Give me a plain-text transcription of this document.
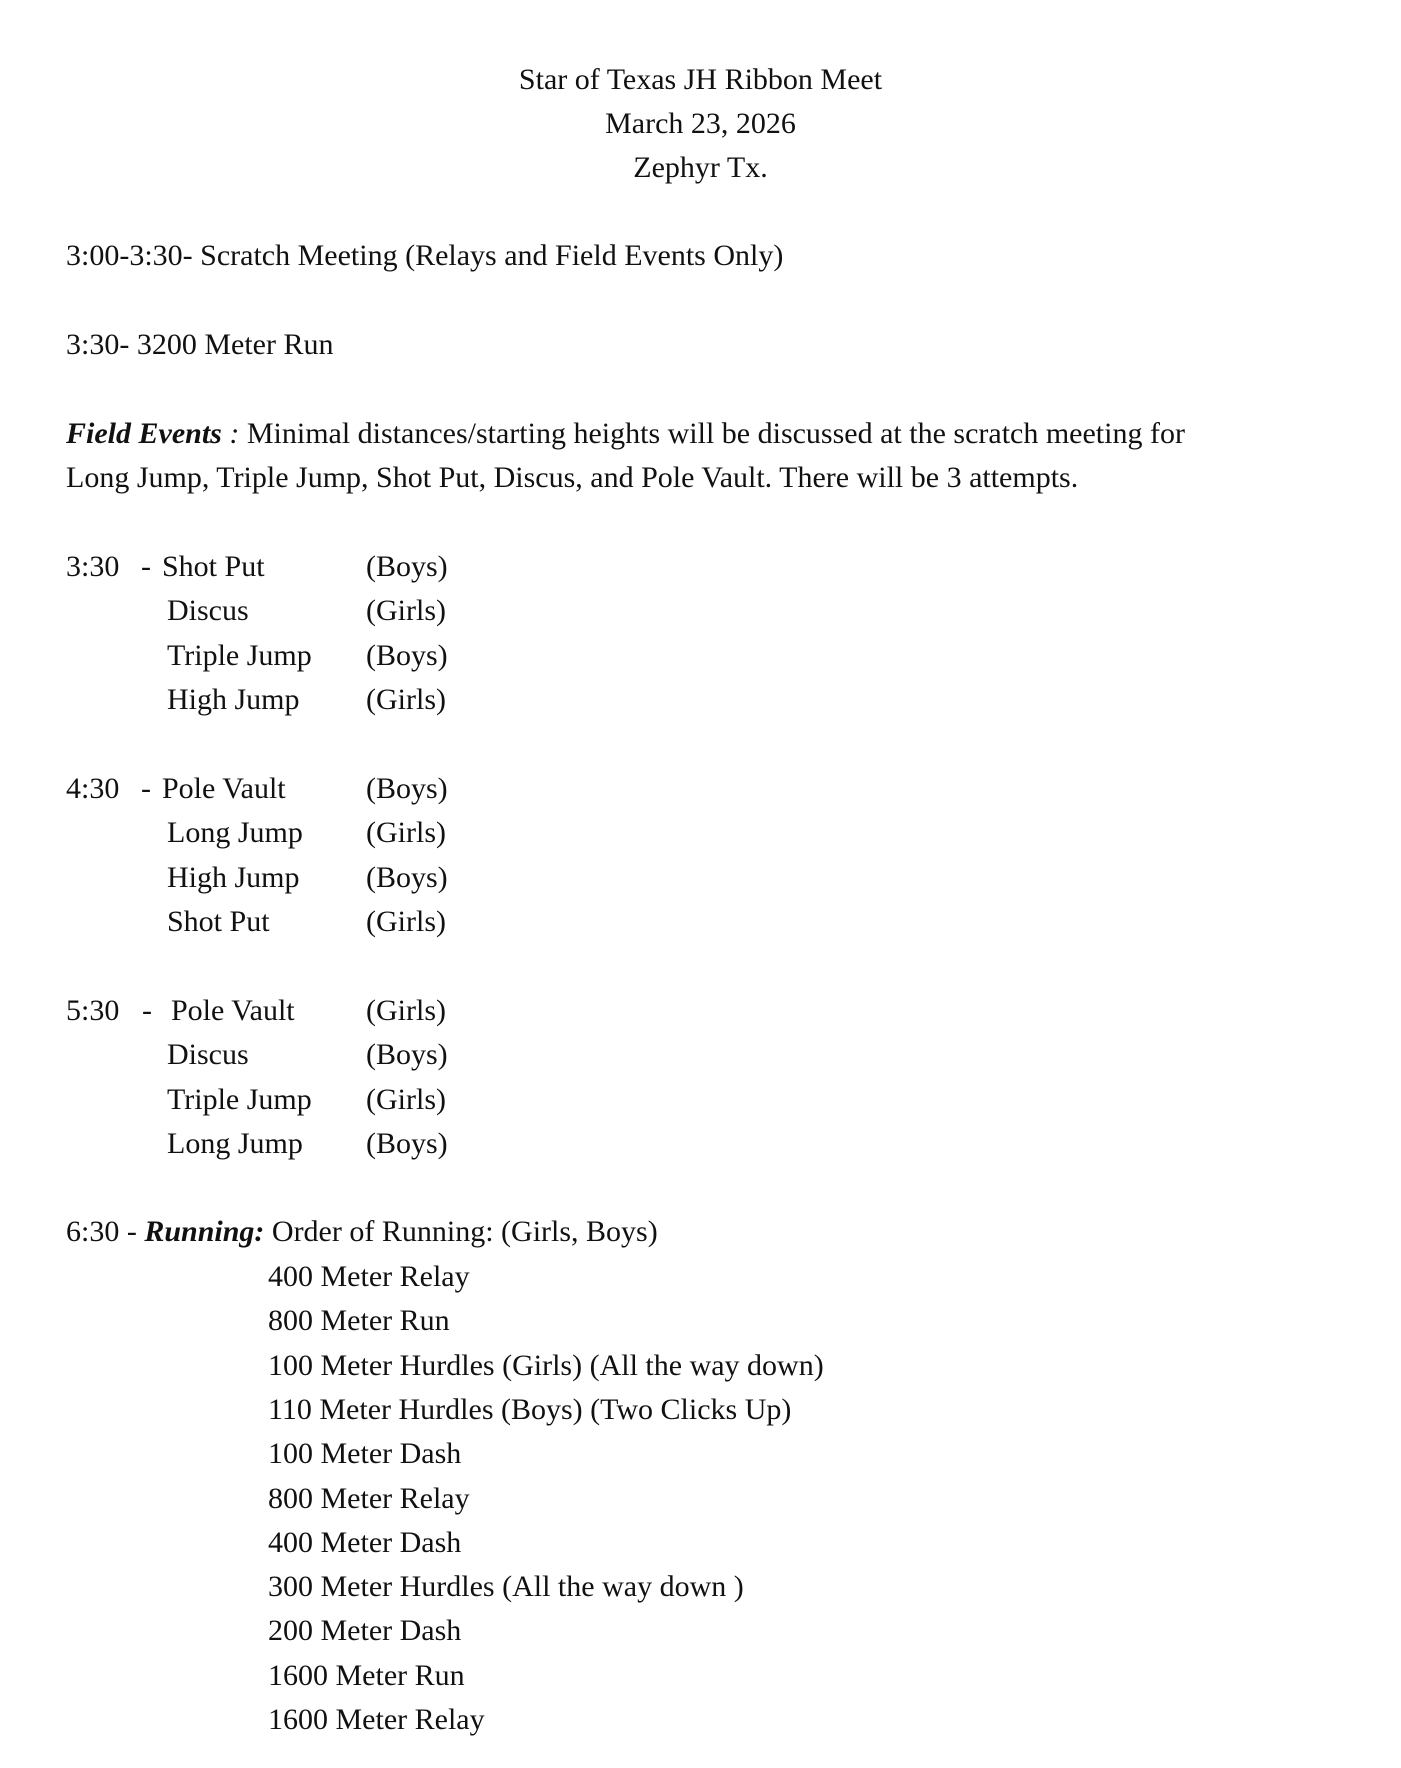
Star of Texas JH Ribbon Meet
March 23, 2026
Zephyr Tx.
3:00-3:30- Scratch Meeting (Relays and Field Events Only)
3:30- 3200 Meter Run
Field Events : Minimal distances/starting heights will be discussed at the scratch meeting for
Long Jump, Triple Jump, Shot Put, Discus, and Pole Vault. There will be 3 attempts.
3:30 - Shot Put	(Boys)
Discus	(Girls)
Triple Jump (Boys)
High Jump (Girls)
4:30 - Pole Vault	(Boys)
Long Jump (Girls)
High Jump (Boys)
Shot Put	(Girls)
5:30 - Pole Vault (Girls)
Discus	(Boys)
Triple Jump (Girls)
Long Jump (Boys)
6:30 - Running: Order of Running: (Girls, Boys)
400 Meter Relay
800 Meter Run
100 Meter Hurdles (Girls) (All the way down)
110 Meter Hurdles (Boys) (Two Clicks Up)
100 Meter Dash
800 Meter Relay
400 Meter Dash
300 Meter Hurdles (All the way down )
200 Meter Dash
1600 Meter Run
1600 Meter Relay
